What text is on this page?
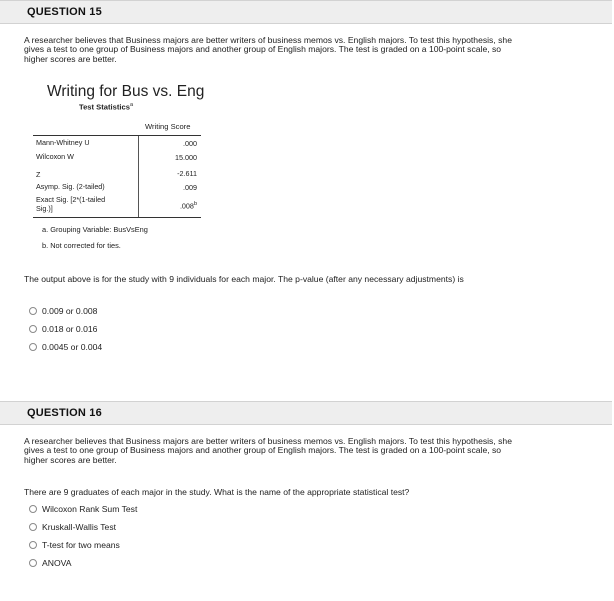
QUESTION 15
A researcher believes that Business majors are better writers of business memos vs. English majors. To test this hypothesis, she
gives a test to one group of Business majors and another group of English majors. The test is graded on a 100-point scale, so
higher scores are better.
Writing for Bus vs. Eng
Test Statistics$^a$
Writing Score
Mann-Whitney U
Wilcoxon W
Z
Asymp. Sig. (2-tailed)
Exact Sig. [2*(1-tailed
Sig.)]
.000
15.000
-2.611
.009
.008$^b$
a. Grouping Variable: BusVsEng
b. Not corrected for ties.
The output above is for the study with 9 individuals for each major. The p-value (after any necessary adjustments) is
0.009 or 0.008
0.018 or 0.016
0.0045 or 0.004
QUESTION 16
A researcher believes that Business majors are better writers of business memos vs. English majors. To test this hypothesis, she
gives a test to one group of Business majors and another group of English majors. The test is graded on a 100-point scale, so
higher scores are better.
There are 9 graduates of each major in the study. What is the name of the appropriate statistical test?
Wilcoxon Rank Sum Test
Kruskall-Wallis Test
T-test for two means
ANOVA
